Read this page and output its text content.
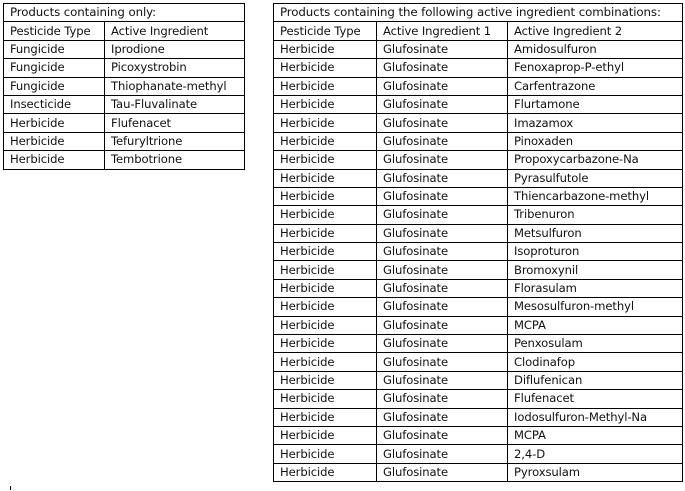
Products containing only:	
Pesticide Type	Active Ingredient
Fungicide	Iprodione
Fungicide	Picoxystrobin
Fungicide	Thiophanate-methyl
Insecticide	Tau-Fluvalinate
Herbicide	Flufenacet
Herbicide	Tefuryltrione
Herbicide	Tembotrione
Products containing the following active ingredient combinations:		
Pesticide Type	Active Ingredient 1	Active Ingredient 2
Herbicide	Glufosinate	Amidosulfuron
Herbicide	Glufosinate	Fenoxaprop-P-ethyl
Herbicide	Glufosinate	Carfentrazone
Herbicide	Glufosinate	Flurtamone
Herbicide	Glufosinate	Imazamox
Herbicide	Glufosinate	Pinoxaden
Herbicide	Glufosinate	Propoxycarbazone-Na
Herbicide	Glufosinate	Pyrasulfutole
Herbicide	Glufosinate	Thiencarbazone-methyl
Herbicide	Glufosinate	Tribenuron
Herbicide	Glufosinate	Metsulfuron
Herbicide	Glufosinate	Isoproturon
Herbicide	Glufosinate	Bromoxynil
Herbicide	Glufosinate	Florasulam
Herbicide	Glufosinate	Mesosulfuron-methyl
Herbicide	Glufosinate	MCPA
Herbicide	Glufosinate	Penxosulam
Herbicide	Glufosinate	Clodinafop
Herbicide	Glufosinate	Diflufenican
Herbicide	Glufosinate	Flufenacet
Herbicide	Glufosinate	Iodosulfuron-Methyl-Na
Herbicide	Glufosinate	MCPA
Herbicide	Glufosinate	2,4-D
Herbicide	Glufosinate	Pyroxsulam
